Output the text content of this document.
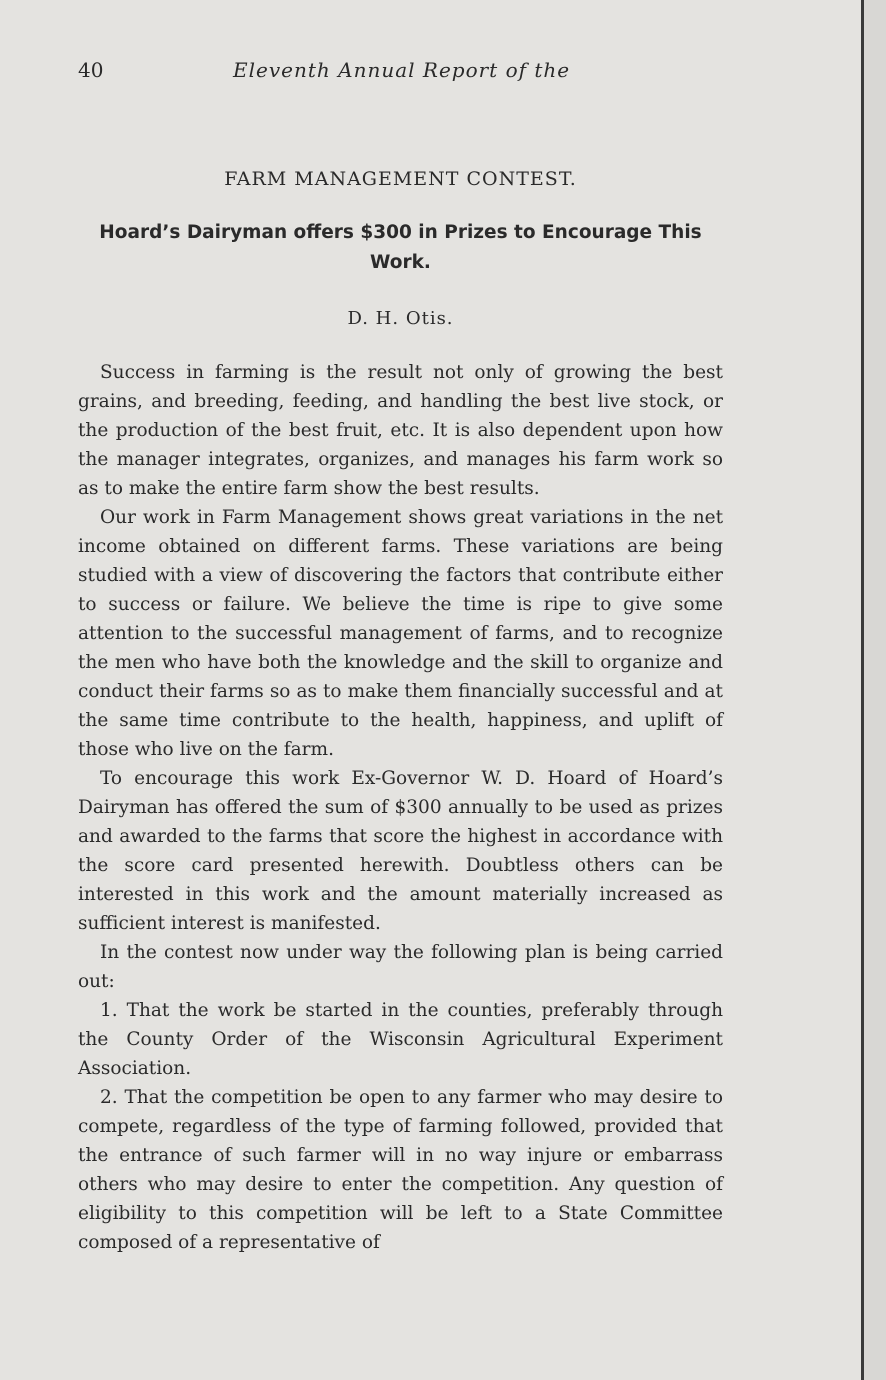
40	Eleventh Annual Report of the
FARM MANAGEMENT CONTEST.
Hoard’s Dairyman offers $300 in Prizes to Encourage This Work.
D. H. Otis.

Success in farming is the result not only of growing the best grains, and breeding, feeding, and handling the best live stock, or the production of the best fruit, etc. It is also dependent upon how the manager integrates, organizes, and manages his farm work so as to make the entire farm show the best results.

Our work in Farm Management shows great variations in the net income obtained on different farms. These variations are being studied with a view of discovering the factors that contribute either to success or failure. We believe the time is ripe to give some attention to the successful management of farms, and to recognize the men who have both the knowledge and the skill to organize and conduct their farms so as to make them financially successful and at the same time contribute to the health, happiness, and uplift of those who live on the farm.

To encourage this work Ex-Governor W. D. Hoard of Hoard’s Dairyman has offered the sum of $300 annually to be used as prizes and awarded to the farms that score the highest in accordance with the score card presented herewith. Doubtless others can be interested in this work and the amount materially increased as sufficient interest is manifested.

In the contest now under way the following plan is being carried out:

1. That the work be started in the counties, preferably through the County Order of the Wisconsin Agricultural Experiment Association.

2. That the competition be open to any farmer who may desire to compete, regardless of the type of farming followed, provided that the entrance of such farmer will in no way injure or embarrass others who may desire to enter the competition. Any question of eligibility to this competition will be left to a State Committee composed of a representative of
